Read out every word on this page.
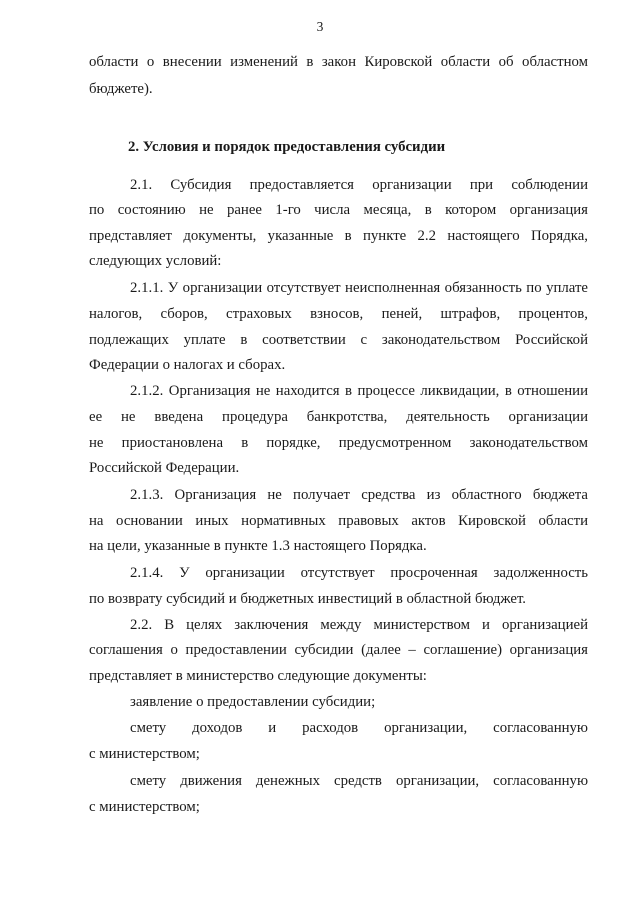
3
области о внесении изменений в закон Кировской области об областном
бюджете).
2. Условия и порядок предоставления субсидии
2.1. Субсидия предоставляется организации при соблюдении
по состоянию не ранее 1-го числа месяца, в котором организация
представляет документы, указанные в пункте 2.2 настоящего Порядка,
следующих условий:
2.1.1. У организации отсутствует неисполненная обязанность по уплате
налогов, сборов, страховых взносов, пеней, штрафов, процентов,
подлежащих уплате в соответствии с законодательством Российской
Федерации о налогах и сборах.
2.1.2. Организация не находится в процессе ликвидации, в отношении
ее не введена процедура банкротства, деятельность организации
не приостановлена в порядке, предусмотренном законодательством
Российской Федерации.
2.1.3. Организация не получает средства из областного бюджета
на основании иных нормативных правовых актов Кировской области
на цели, указанные в пункте 1.3 настоящего Порядка.
2.1.4. У организации отсутствует просроченная задолженность
по возврату субсидий и бюджетных инвестиций в областной бюджет.
2.2. В целях заключения между министерством и организацией
соглашения о предоставлении субсидии (далее – соглашение) организация
представляет в министерство следующие документы:
заявление о предоставлении субсидии;
смету доходов и расходов организации, согласованную
с министерством;
смету движения денежных средств организации, согласованную
с министерством;
